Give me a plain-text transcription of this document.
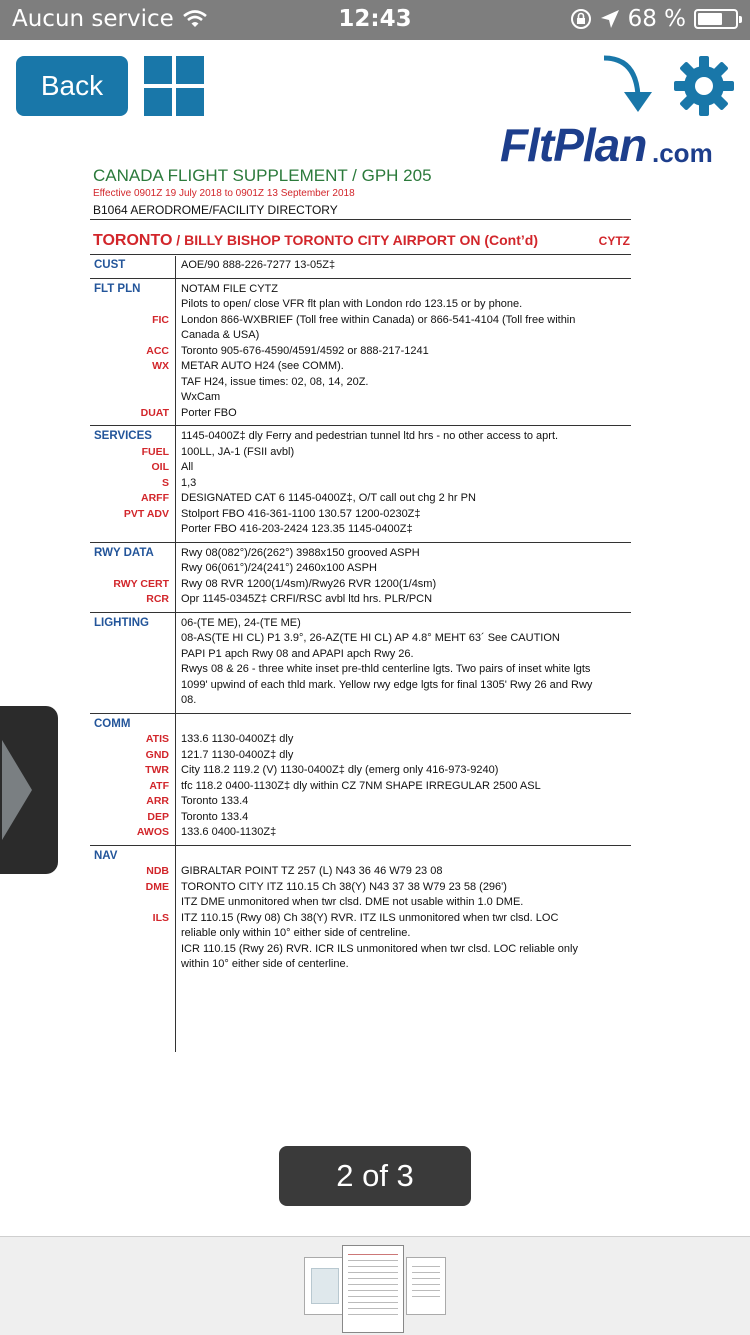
Aucun service	12:43	68 %
Back
FltPlan .com
CANADA FLIGHT SUPPLEMENT / GPH 205
Effective 0901Z 19 July 2018 to 0901Z 13 September 2018
B1064 AERODROME/FACILITY DIRECTORY
TORONTO / BILLY BISHOP TORONTO CITY AIRPORT ON (Cont’d)	CYTZ
CUST	AOE/90 888-226-7277 13-05Z‡
FLT PLN	NOTAM FILE CYTZ
Pilots to open/ close VFR flt plan with London rdo 123.15 or by phone.
FIC London 866-WXBRIEF (Toll free within Canada) or 866-541-4104 (Toll free within
Canada & USA)
ACC Toronto 905-676-4590/4591/4592 or 888-217-1241
WX METAR AUTO H24 (see COMM).
TAF H24, issue times: 02, 08, 14, 20Z.
WxCam
DUAT Porter FBO
SERVICES	1145-0400Z‡ dly Ferry and pedestrian tunnel ltd hrs - no other access to aprt.
FUEL 100LL, JA-1 (FSII avbl)
OIL All
S 1,3
ARFF DESIGNATED CAT 6 1145-0400Z‡, O/T call out chg 2 hr PN
PVT ADV Stolport FBO 416-361-1100 130.57 1200-0230Z‡
Porter FBO 416-203-2424 123.35 1145-0400Z‡
RWY DATA Rwy 08(082°)/26(262°) 3988x150 grooved ASPH
Rwy 06(061°)/24(241°) 2460x100 ASPH
RWY CERT Rwy 08 RVR 1200(1/4sm)/Rwy26 RVR 1200(1/4sm)
RCR Opr 1145-0345Z‡ CRFI/RSC avbl ltd hrs. PLR/PCN
LIGHTING	06-(TE ME), 24-(TE ME)
08-AS(TE HI CL) P1 3.9°, 26-AZ(TE HI CL) AP 4.8° MEHT 63´ See CAUTION
PAPI P1 apch Rwy 08 and APAPI apch Rwy 26.
Rwys 08 & 26 - three white inset pre-thld centerline lgts. Two pairs of inset white lgts
1099' upwind of each thld mark. Yellow rwy edge lgts for final 1305' Rwy 26 and Rwy
08.
COMM
ATIS 133.6 1130-0400Z‡ dly
GND 121.7 1130-0400Z‡ dly
TWR City 118.2 119.2 (V) 1130-0400Z‡ dly (emerg only 416-973-9240)
ATF tfc 118.2 0400-1130Z‡ dly within CZ 7NM SHAPE IRREGULAR 2500 ASL
ARR Toronto 133.4
DEP Toronto 133.4
AWOS 133.6 0400-1130Z‡
NAV
NDB GIBRALTAR POINT TZ 257 (L) N43 36 46 W79 23 08
DME TORONTO CITY ITZ 110.15 Ch 38(Y) N43 37 38 W79 23 58 (296')
ITZ DME unmonitored when twr clsd. DME not usable within 1.0 DME.
ILS ITZ 110.15 (Rwy 08) Ch 38(Y) RVR. ITZ ILS unmonitored when twr clsd. LOC
reliable only within 10° either side of centreline.
ICR 110.15 (Rwy 26) RVR. ICR ILS unmonitored when twr clsd. LOC reliable only
within 10° either side of centerline.
2 of 3
